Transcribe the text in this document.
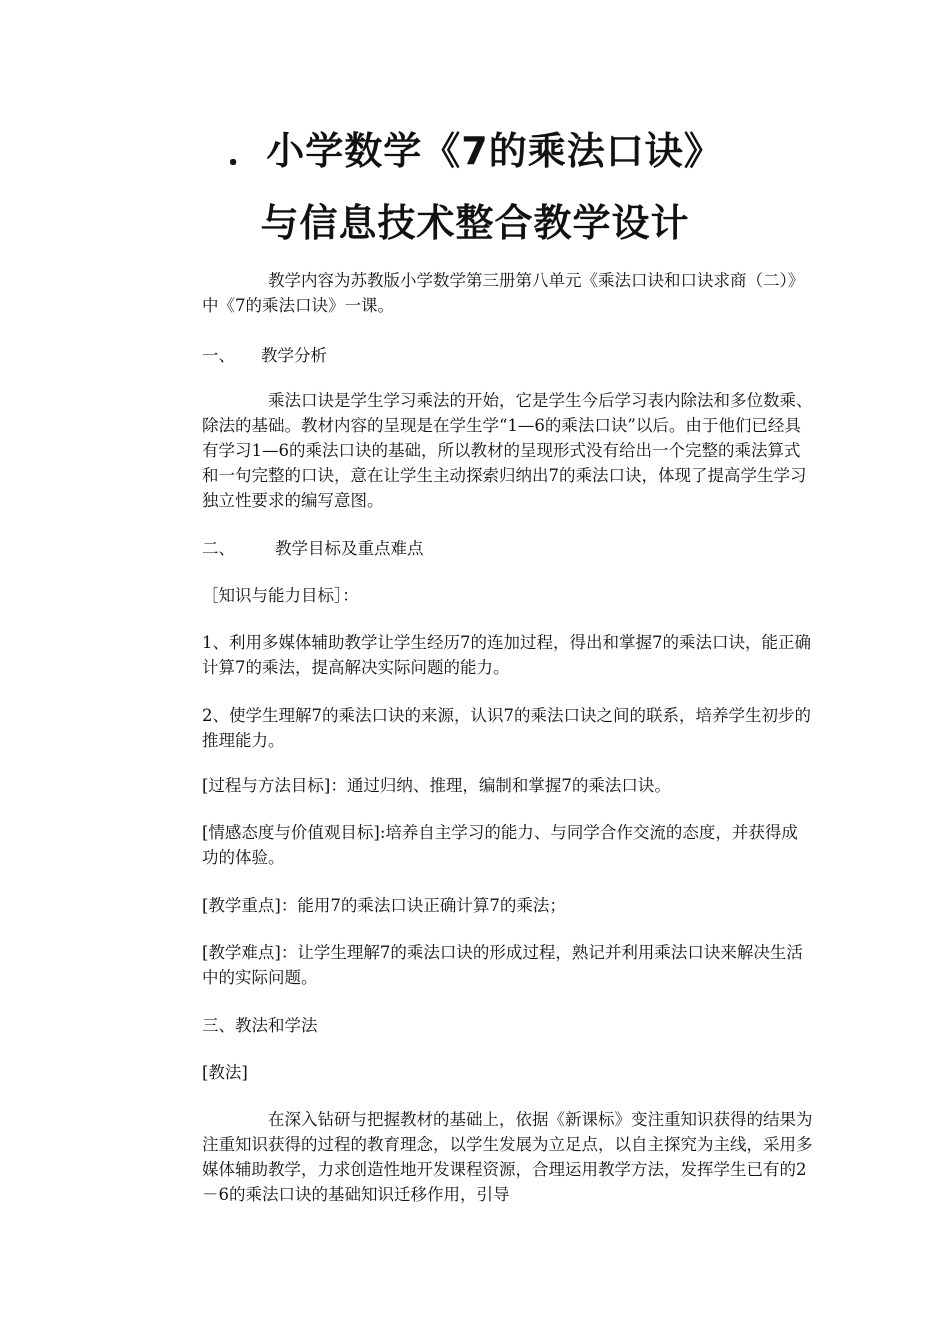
．小学数学《7的乘法口诀》
与信息技术整合教学设计

教学内容为苏教版小学数学第三册第八单元《乘法口诀和口诀求商（二）》中《7的乘法口诀》一课。

一、 教学分析

乘法口诀是学生学习乘法的开始，它是学生今后学习表内除法和多位数乘、除法的基础。教材内容的呈现是在学生学“1—6的乘法口诀”以后。由于他们已经具有学习1—6的乘法口诀的基础，所以教材的呈现形式没有给出一个完整的乘法算式和一句完整的口诀，意在让学生主动探索归纳出7的乘法口诀，体现了提高学生学习独立性要求的编写意图。

二、 教学目标及重点难点

［知识与能力目标］：

1、利用多媒体辅助教学让学生经历7的连加过程，得出和掌握7的乘法口诀，能正确计算7的乘法，提高解决实际问题的能力。

2、使学生理解7的乘法口诀的来源，认识7的乘法口诀之间的联系，培养学生初步的推理能力。

[过程与方法目标]：通过归纳、推理，编制和掌握7的乘法口诀。

[情感态度与价值观目标]:培养自主学习的能力、与同学合作交流的态度，并获得成功的体验。

[教学重点]：能用7的乘法口诀正确计算7的乘法；

[教学难点]：让学生理解7的乘法口诀的形成过程，熟记并利用乘法口诀来解决生活中的实际问题。

三、教法和学法

[教法]

在深入钻研与把握教材的基础上，依据《新课标》变注重知识获得的结果为注重知识获得的过程的教育理念，以学生发展为立足点，以自主探究为主线，采用多媒体辅助教学，力求创造性地开发课程资源，合理运用教学方法，发挥学生已有的2－6的乘法口诀的基础知识迁移作用，引导
